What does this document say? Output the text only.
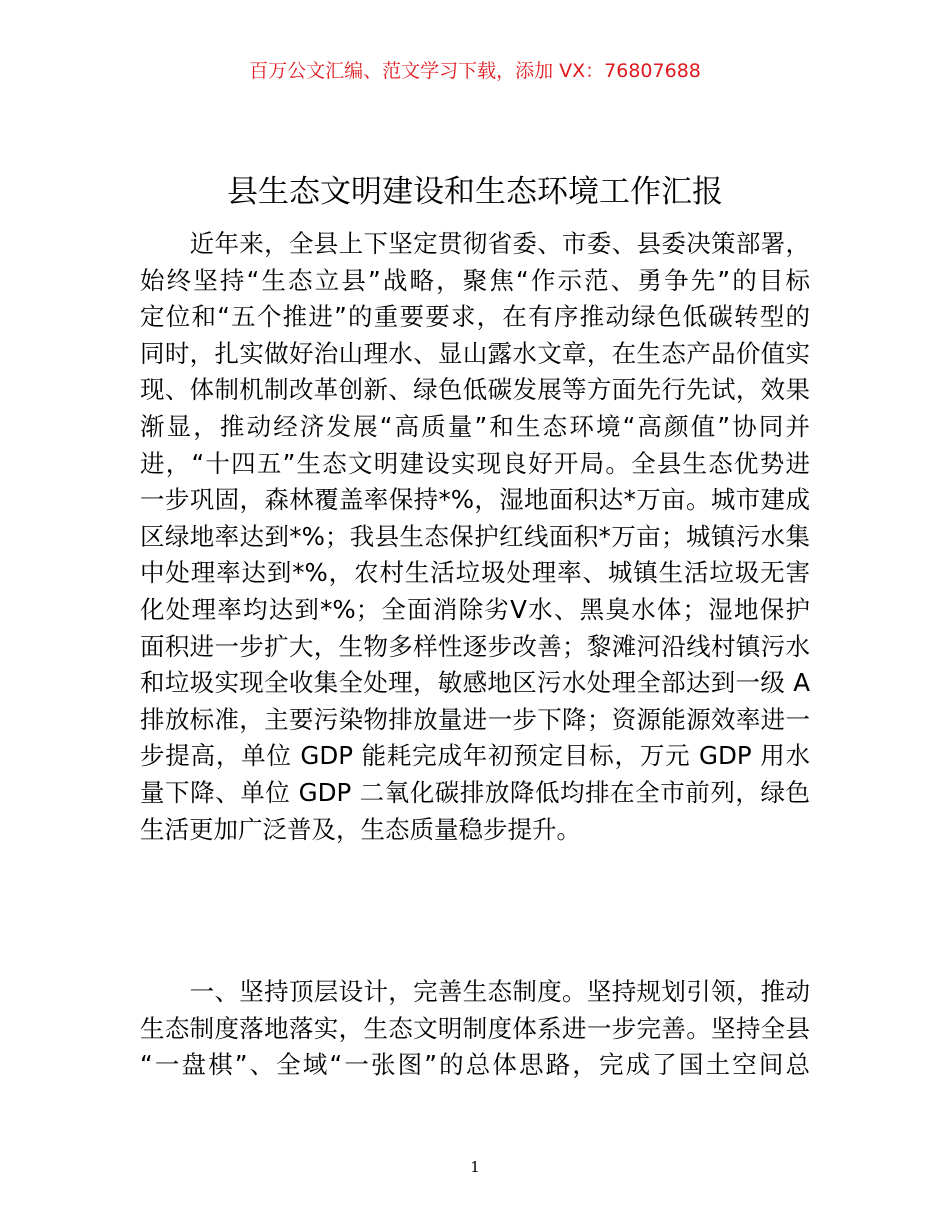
百万公文汇编、范文学习下载，添加 VX：76807688
县生态文明建设和生态环境工作汇报
　　近年来，全县上下坚定贯彻省委、市委、县委决策部署，
始终坚持“生态立县”战略，聚焦“作示范、勇争先”的目标
定位和“五个推进”的重要要求，在有序推动绿色低碳转型的
同时，扎实做好治山理水、显山露水文章，在生态产品价值实
现、体制机制改革创新、绿色低碳发展等方面先行先试，效果
渐显，推动经济发展“高质量”和生态环境“高颜值”协同并
进，“十四五”生态文明建设实现良好开局。全县生态优势进
一步巩固，森林覆盖率保持*%，湿地面积达*万亩。城市建成
区绿地率达到*%；我县生态保护红线面积*万亩；城镇污水集
中处理率达到*%，农村生活垃圾处理率、城镇生活垃圾无害
化处理率均达到*%；全面消除劣Ⅴ水、黑臭水体；湿地保护
面积进一步扩大，生物多样性逐步改善；黎滩河沿线村镇污水
和垃圾实现全收集全处理，敏感地区污水处理全部达到一级 A
排放标准，主要污染物排放量进一步下降；资源能源效率进一
步提高，单位 GDP 能耗完成年初预定目标，万元 GDP 用水
量下降、单位 GDP 二氧化碳排放降低均排在全市前列，绿色
生活更加广泛普及，生态质量稳步提升。
　　一、坚持顶层设计，完善生态制度。坚持规划引领，推动
生态制度落地落实，生态文明制度体系进一步完善。坚持全县
“一盘棋”、全域“一张图”的总体思路，完成了国土空间总
1
